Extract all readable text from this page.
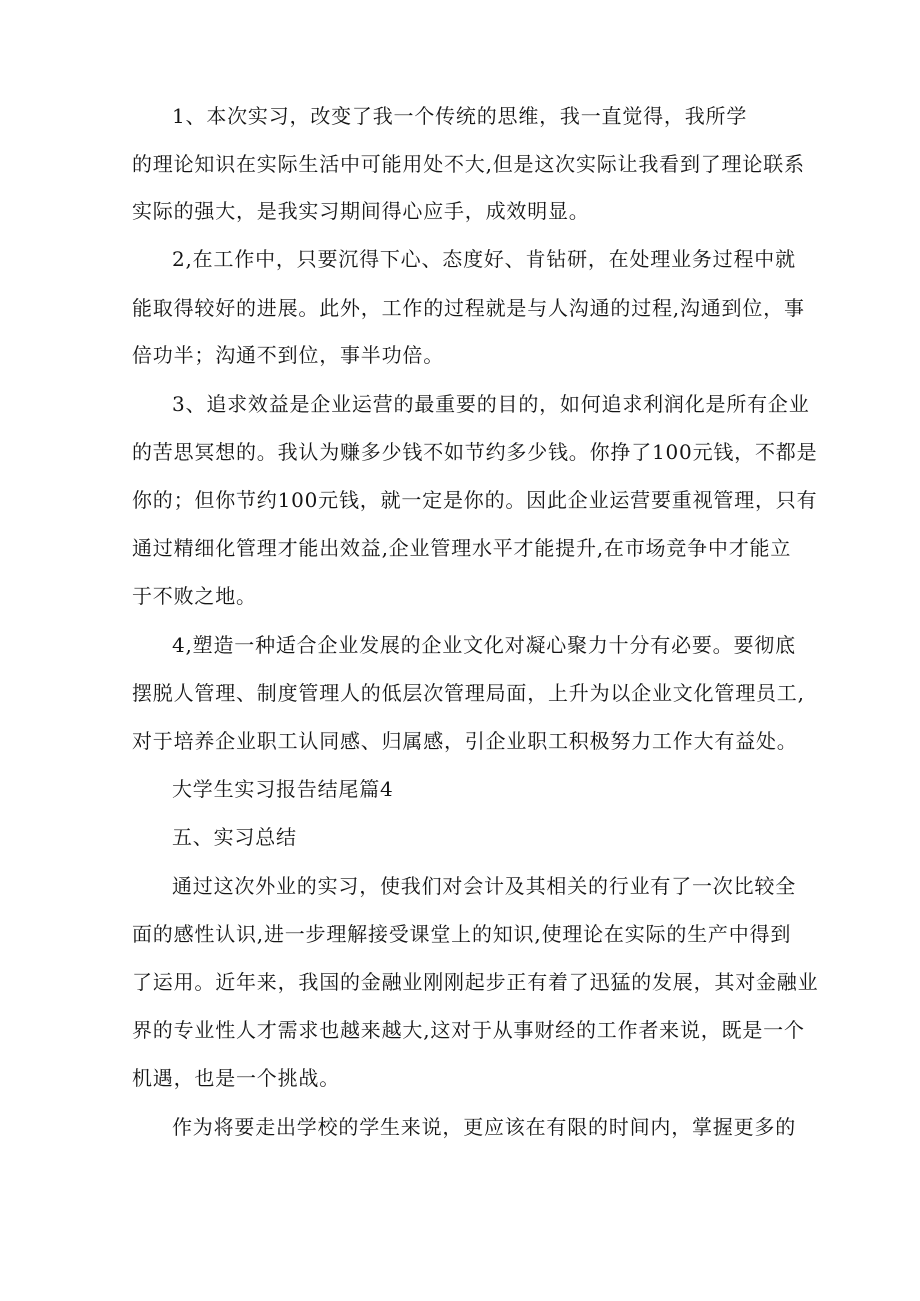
1、本次实习，改变了我一个传统的思维，我一直觉得，我所学
的理论知识在实际生活中可能用处不大,但是这次实际让我看到了理论联系
实际的强大，是我实习期间得心应手，成效明显。
2,在工作中，只要沉得下心、态度好、肯钻研，在处理业务过程中就
能取得较好的进展。此外，工作的过程就是与人沟通的过程,沟通到位，事
倍功半；沟通不到位，事半功倍。
3、追求效益是企业运营的最重要的目的，如何追求利润化是所有企业
的苦思冥想的。我认为赚多少钱不如节约多少钱。你挣了100元钱，不都是
你的；但你节约100元钱，就一定是你的。因此企业运营要重视管理，只有
通过精细化管理才能出效益,企业管理水平才能提升,在市场竞争中才能立
于不败之地。
4,塑造一种适合企业发展的企业文化对凝心聚力十分有必要。要彻底
摆脱人管理、制度管理人的低层次管理局面，上升为以企业文化管理员工,
对于培养企业职工认同感、归属感，引企业职工积极努力工作大有益处。
大学生实习报告结尾篇4
五、实习总结
通过这次外业的实习，使我们对会计及其相关的行业有了一次比较全
面的感性认识,进一步理解接受课堂上的知识,使理论在实际的生产中得到
了运用。近年来，我国的金融业刚刚起步正有着了迅猛的发展，其对金融业
界的专业性人才需求也越来越大,这对于从事财经的工作者来说，既是一个
机遇，也是一个挑战。
作为将要走出学校的学生来说，更应该在有限的时间内，掌握更多的
